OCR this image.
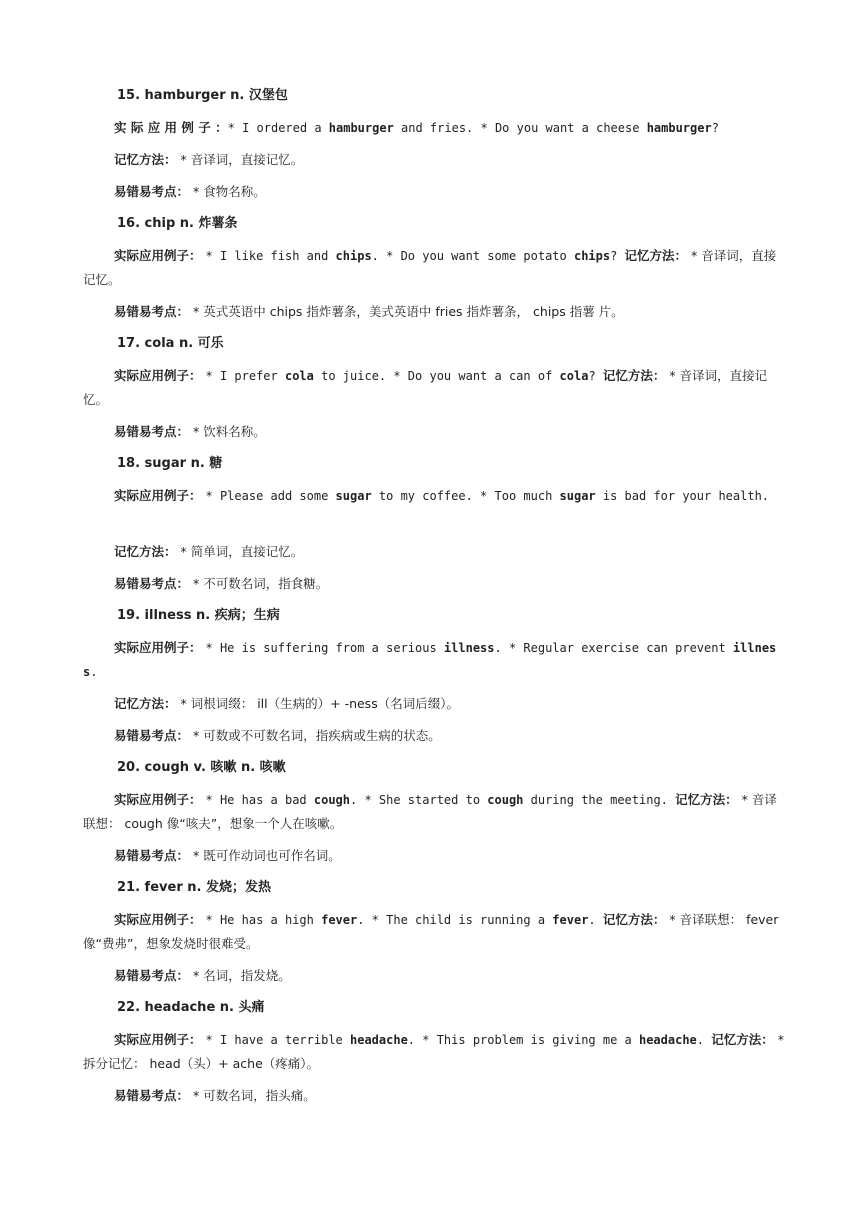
15. hamburger n. 汉堡包
实 际 应 用 例 子 ：* I ordered a hamburger and fries. * Do you want a cheese hamburger?
记忆方法： * 音译词，直接记忆。
易错易考点： * 食物名称。
16. chip n. 炸薯条
实际应用例子： * I like fish and chips. * Do you want some potato chips? 记忆方法： * 音译词，直接记忆。
易错易考点： * 英式英语中 chips 指炸薯条，美式英语中 fries 指炸薯条， chips 指薯 片。
17. cola n. 可乐
实际应用例子： * I prefer cola to juice. * Do you want a can of cola? 记忆方法： * 音译词，直接记忆。
易错易考点： * 饮料名称。
18. sugar n. 糖
实际应用例子： * Please add some sugar to my coffee. * Too much sugar is bad for your health.
记忆方法： * 简单词，直接记忆。
易错易考点： * 不可数名词，指食糖。
19. illness n. 疾病；生病
实际应用例子： * He is suffering from a serious illness. * Regular exercise can prevent illness.
记忆方法： * 词根词缀： ill（生病的）+ -ness（名词后缀）。
易错易考点： * 可数或不可数名词，指疾病或生病的状态。
20. cough v. 咳嗽 n. 咳嗽
实际应用例子： * He has a bad cough. * She started to cough during the meeting. 记忆方法： * 音译联想： cough 像“咳夫”，想象一个人在咳嗽。
易错易考点： * 既可作动词也可作名词。
21. fever n. 发烧；发热
实际应用例子： * He has a high fever. * The child is running a fever. 记忆方法： * 音译联想： fever 像“费弗”，想象发烧时很难受。
易错易考点： * 名词，指发烧。
22. headache n. 头痛
实际应用例子： * I have a terrible headache. * This problem is giving me a headache. 记忆方法： * 拆分记忆： head（头）+ ache（疼痛）。
易错易考点： * 可数名词，指头痛。
